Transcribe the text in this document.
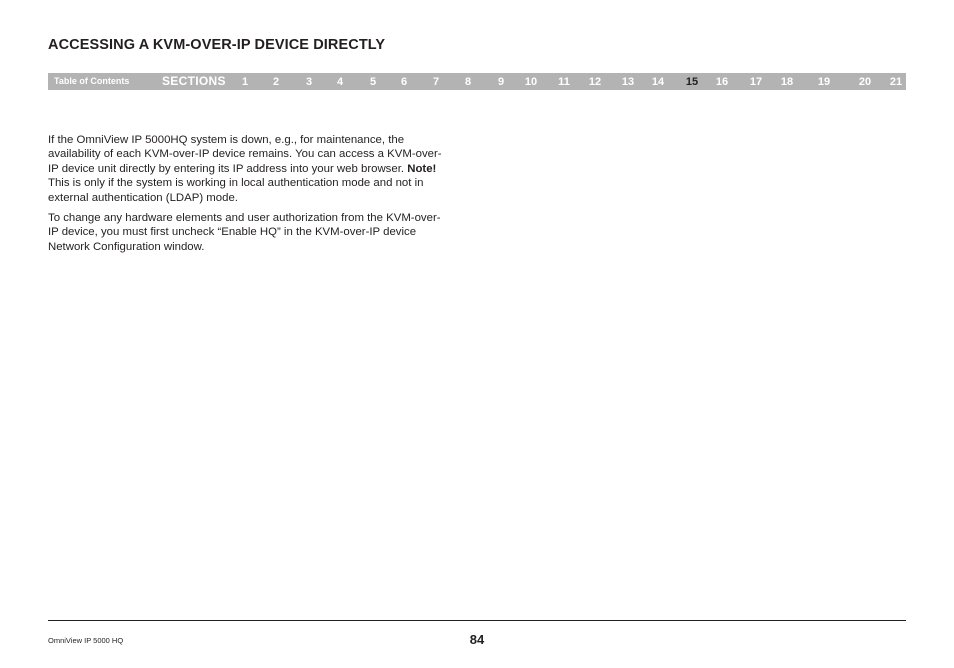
ACCESSING A KVM-OVER-IP DEVICE DIRECTLY
Table of Contents	SECTIONS 1 2 3 4 5 6 7 8 9 10 11 12 13 14 15 16 17 18 19	20 21

If the OmniView IP 5000HQ system is down, e.g., for maintenance, the availability of each KVM-over-IP device remains. You can access a KVM-over-IP device unit directly by entering its IP address into your web browser. Note! This is only if the system is working in local authentication mode and not in external authentication (LDAP) mode.

To change any hardware elements and user authorization from the KVM-over-IP device, you must first uncheck “Enable HQ” in the KVM-over-IP device Network Configuration window.

OmniView IP 5000 HQ	84
